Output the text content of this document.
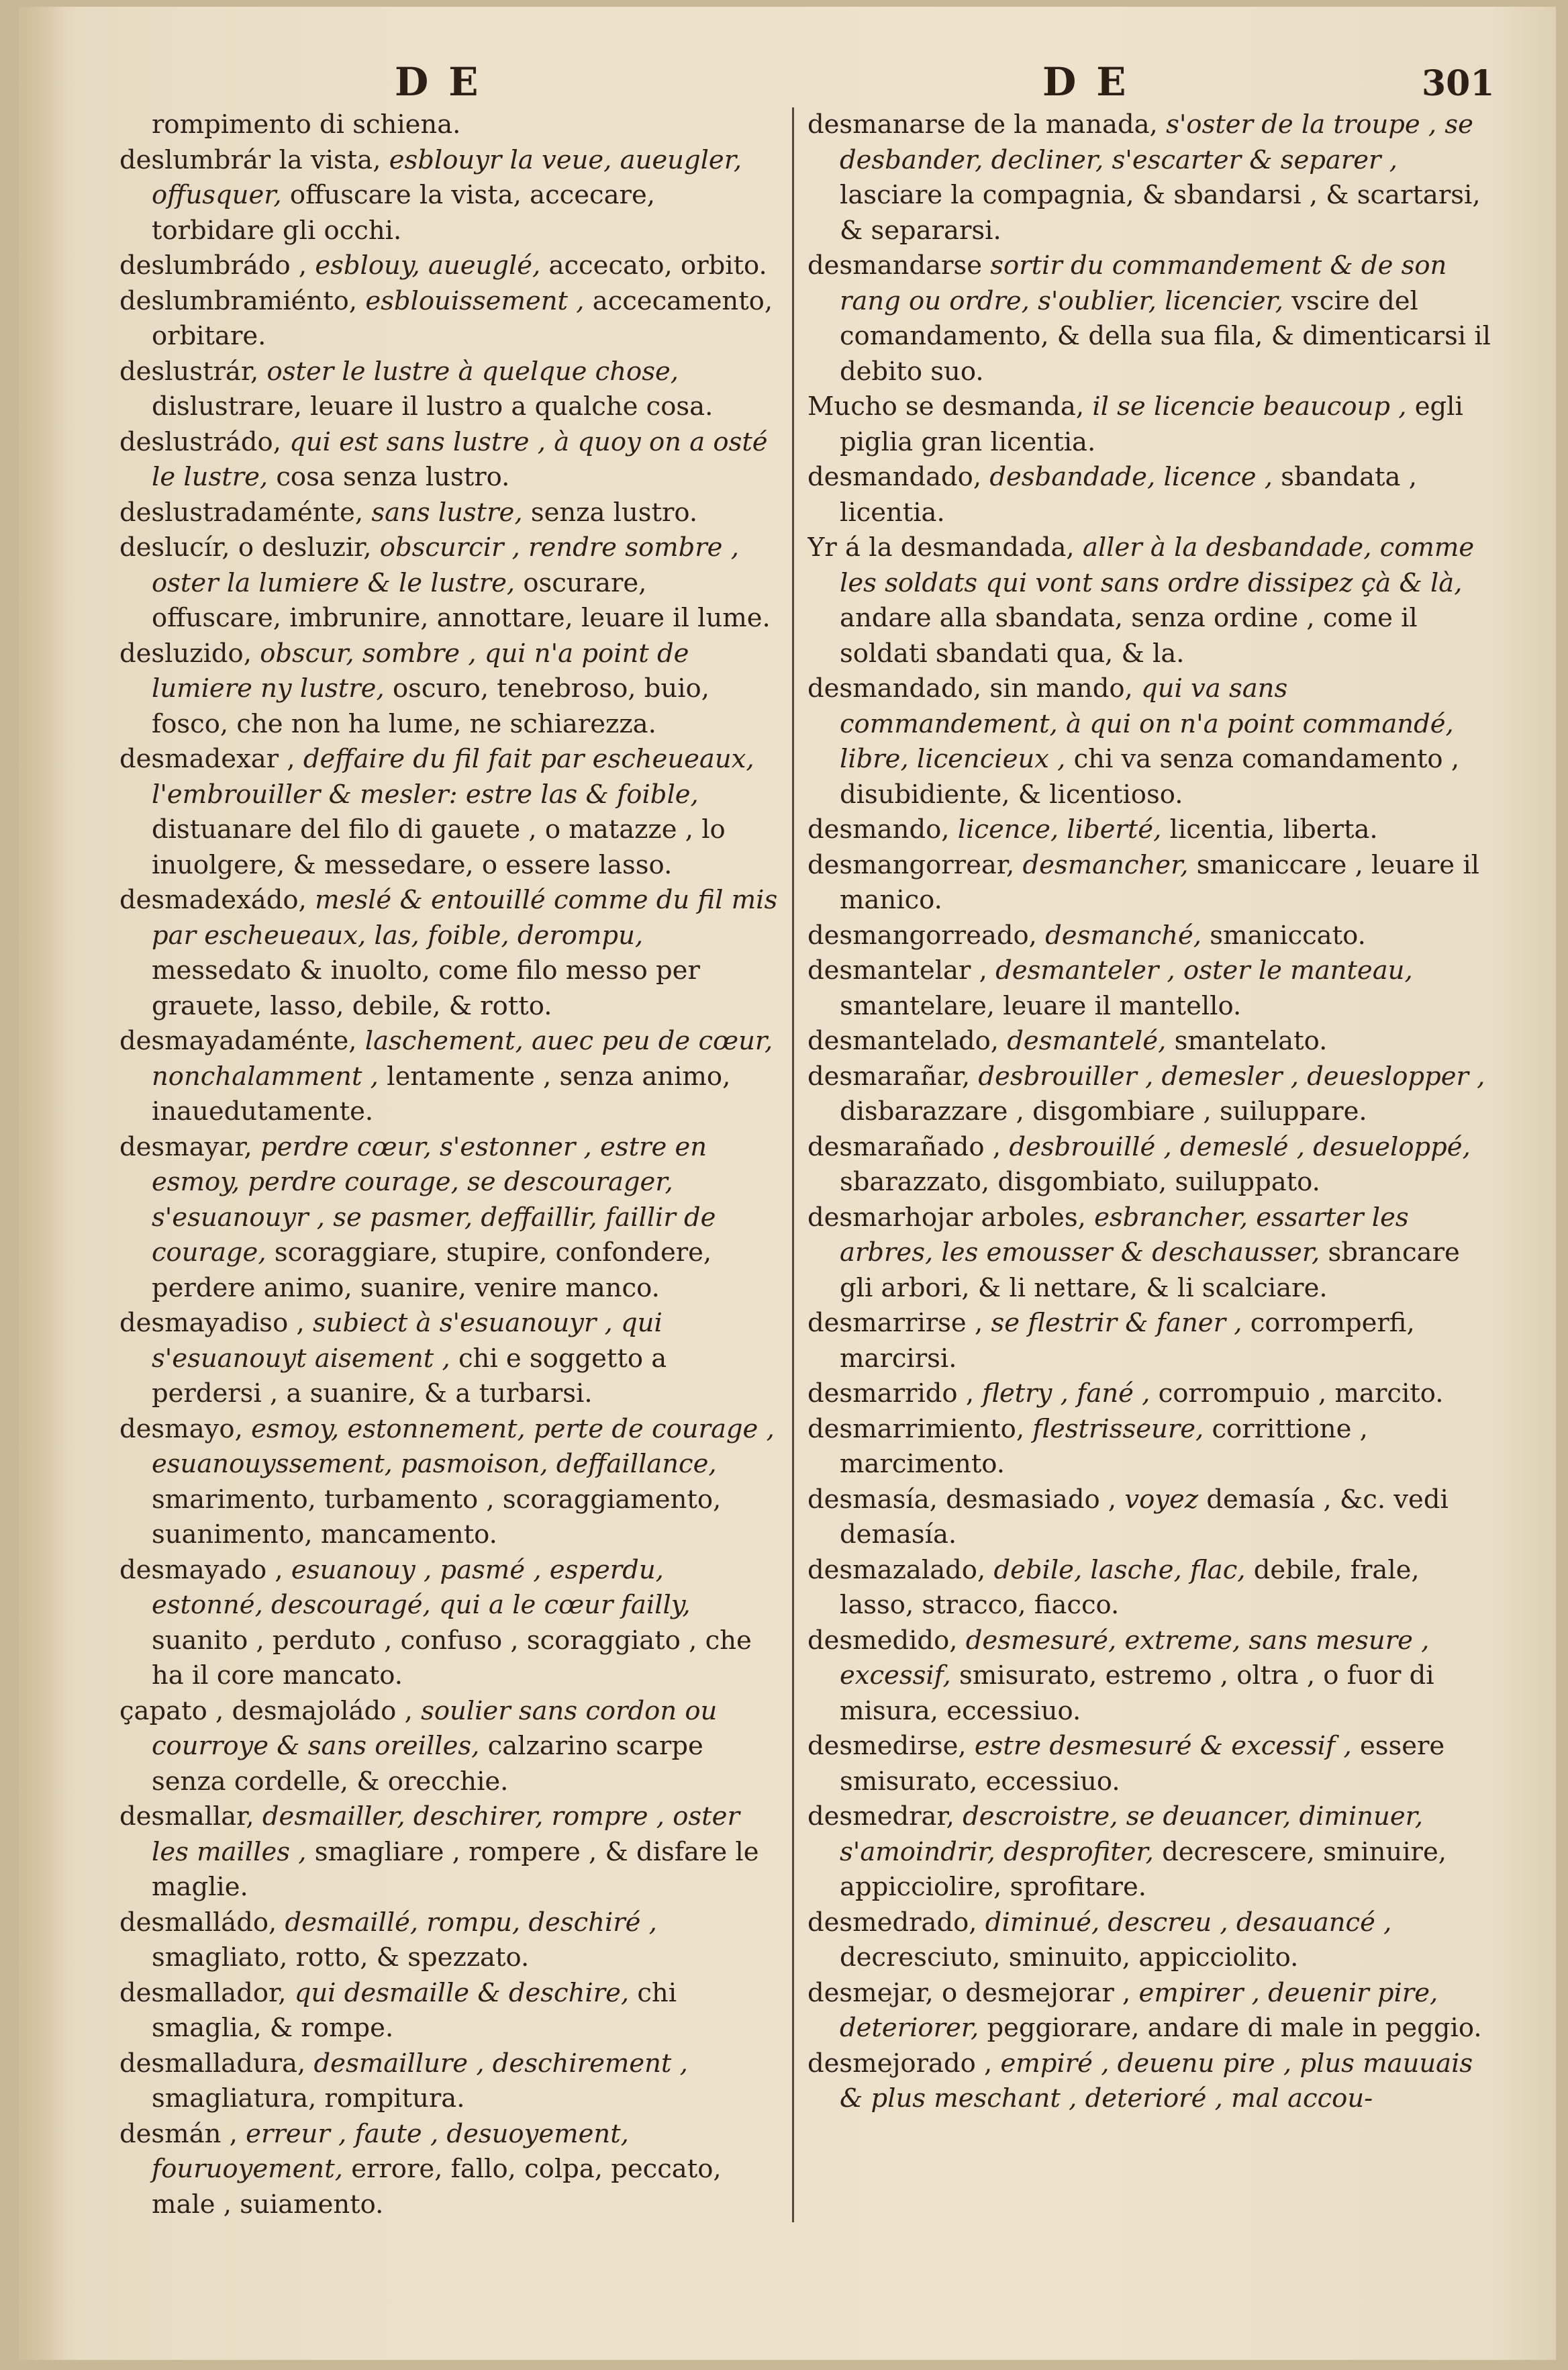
DE	DE	301
rompimento di schiena.
deslumbrár la vista, esblouyr la veue, aueugler, offusquer, offuscare la vista, accecare, torbidare gli occhi.
deslumbrádo , esblouy, aueuglé, accecato, orbito.
deslumbramiénto, esblouissement , accecamento, orbitare.
deslustrár, oster le lustre à quelque chose, dislustrare, leuare il lustro a qualche cosa.
deslustrádo, qui est sans lustre , à quoy on a osté le lustre, cosa senza lustro.
deslustradaménte, sans lustre, senza lustro.
deslucír, o desluzir, obscurcir , rendre sombre , oster la lumiere & le lustre, oscurare, offuscare, imbrunire, annottare, leuare il lume.
desluzido, obscur, sombre , qui n'a point de lumiere ny lustre, oscuro, tenebroso, buio, fosco, che non ha lume, ne schiarezza.
desmadexar , deffaire du fil fait par escheueaux, l'embrouiller & mesler: estre las & foible, distuanare del filo di gauete , o matazze , lo inuolgere, & messedare, o essere lasso.
desmadexádo, meslé & entouillé comme du fil mis par escheueaux, las, foible, derompu, messedato & inuolto, come filo messo per grauete, lasso, debile, & rotto.
desmayadaménte, laschement, auec peu de cœur, nonchalamment , lentamente , senza animo, inauedutamente.
desmayar, perdre cœur, s'estonner , estre en esmoy, perdre courage, se descourager, s'esuanouyr , se pasmer, deffaillir, faillir de courage, scoraggiare, stupire, confondere, perdere animo, suanire, venire manco.
desmayadiso , subiect à s'esuanouyr , qui s'esuanouyt aisement , chi e soggetto a perdersi , a suanire, & a turbarsi.
desmayo, esmoy, estonnement, perte de courage , esuanouyssement, pasmoison, deffaillance, smarimento, turbamento , scoraggiamento, suanimento, mancamento.
desmayado , esuanouy , pasmé , esperdu, estonné, descouragé, qui a le cœur failly, suanito , perduto , confuso , scoraggiato , che ha il core mancato.
çapato , desmajoládo , soulier sans cordon ou courroye & sans oreilles, calzarino scarpe senza cordelle, & orecchie.
desmallar, desmailler, deschirer, rompre , oster les mailles , smagliare , rompere , & disfare le maglie.
desmalládo, desmaillé, rompu, deschiré , smagliato, rotto, & spezzato.
desmallador, qui desmaille & deschire, chi smaglia, & rompe.
desmalladura, desmaillure , deschirement , smagliatura, rompitura.
desmán , erreur , faute , desuoyement, fouruoyement, errore, fallo, colpa, peccato, male , suiamento.
desmanarse de la manada, s'oster de la troupe , se desbander, decliner, s'escarter & separer , lasciare la compagnia, & sbandarsi , & scartarsi, & separarsi.
desmandarse sortir du commandement & de son rang ou ordre, s'oublier, licencier, vscire del comandamento, & della sua fila, & dimenticarsi il debito suo.
Mucho se desmanda, il se licencie beaucoup , egli piglia gran licentia.
desmandado, desbandade, licence , sbandata , licentia.
Yr á la desmandada, aller à la desbandade, comme les soldats qui vont sans ordre dissipez çà & là, andare alla sbandata, senza ordine , come il soldati sbandati qua, & la.
desmandado, sin mando, qui va sans commandement, à qui on n'a point commandé, libre, licencieux , chi va senza comandamento , disubidiente, & licentioso.
desmando, licence, liberté, licentia, liberta.
desmangorrear, desmancher, smaniccare , leuare il manico.
desmangorreado, desmanché, smaniccato.
desmantelar , desmanteler , oster le manteau, smantelare, leuare il mantello.
desmantelado, desmantelé, smantelato.
desmarañar, desbrouiller , demesler , deueslopper , disbarazzare , disgombiare , suiluppare.
desmarañado , desbrouillé , demeslé , desueloppé, sbarazzato, disgombiato, suiluppato.
desmarhojar arboles, esbrancher, essarter les arbres, les emousser & deschausser, sbrancare gli arbori, & li nettare, & li scalciare.
desmarrirse , se flestrir & faner , corromperfi, marcirsi.
desmarrido , fletry , fané , corrompuio , marcito.
desmarrimiento, flestrisseure, corrittione , marcimento.
desmasía, desmasiado , voyez demasía , &c. vedi demasía.
desmazalado, debile, lasche, flac, debile, frale, lasso, stracco, fiacco.
desmedido, desmesuré, extreme, sans mesure , excessif, smisurato, estremo , oltra , o fuor di misura, eccessiuo.
desmedirse, estre desmesuré & excessif , essere smisurato, eccessiuo.
desmedrar, descroistre, se deuancer, diminuer, s'amoindrir, desprofiter, decrescere, sminuire, appicciolire, sprofitare.
desmedrado, diminué, descreu , desauancé , decresciuto, sminuito, appicciolito.
desmejar, o desmejorar , empirer , deuenir pire, deteriorer, peggiorare, andare di male in peggio.
desmejorado , empiré , deuenu pire , plus mauuais & plus meschant , deterioré , mal accou-
